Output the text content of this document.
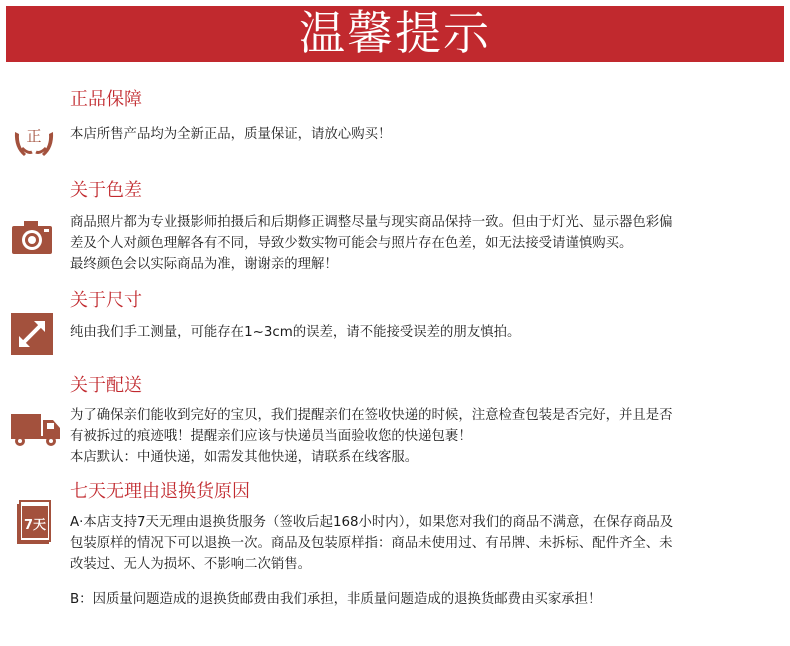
温馨提示
正
正品保障
本店所售产品均为全新正品，质量保证，请放心购买！
关于色差
商品照片都为专业摄影师拍摄后和后期修正调整尽量与现实商品保持一致。但由于灯光、显示器色彩偏
差及个人对颜色理解各有不同，导致少数实物可能会与照片存在色差，如无法接受请谨慎购买。
最终颜色会以实际商品为准，谢谢亲的理解！
关于尺寸
纯由我们手工测量，可能存在1~3cm的误差，请不能接受误差的朋友慎拍。
关于配送
为了确保亲们能收到完好的宝贝，我们提醒亲们在签收快递的时候，注意检查包装是否完好，并且是否
有被拆过的痕迹哦！提醒亲们应该与快递员当面验收您的快递包裹！
本店默认：中通快递，如需发其他快递，请联系在线客服。
7天
七天无理由退换货原因
A·本店支持7天无理由退换货服务（签收后起168小时内），如果您对我们的商品不满意，在保存商品及
包装原样的情况下可以退换一次。商品及包装原样指：商品未使用过、有吊牌、未拆标、配件齐全、未
改装过、无人为损坏、不影响二次销售。
B：因质量问题造成的退换货邮费由我们承担，非质量问题造成的退换货邮费由买家承担！
